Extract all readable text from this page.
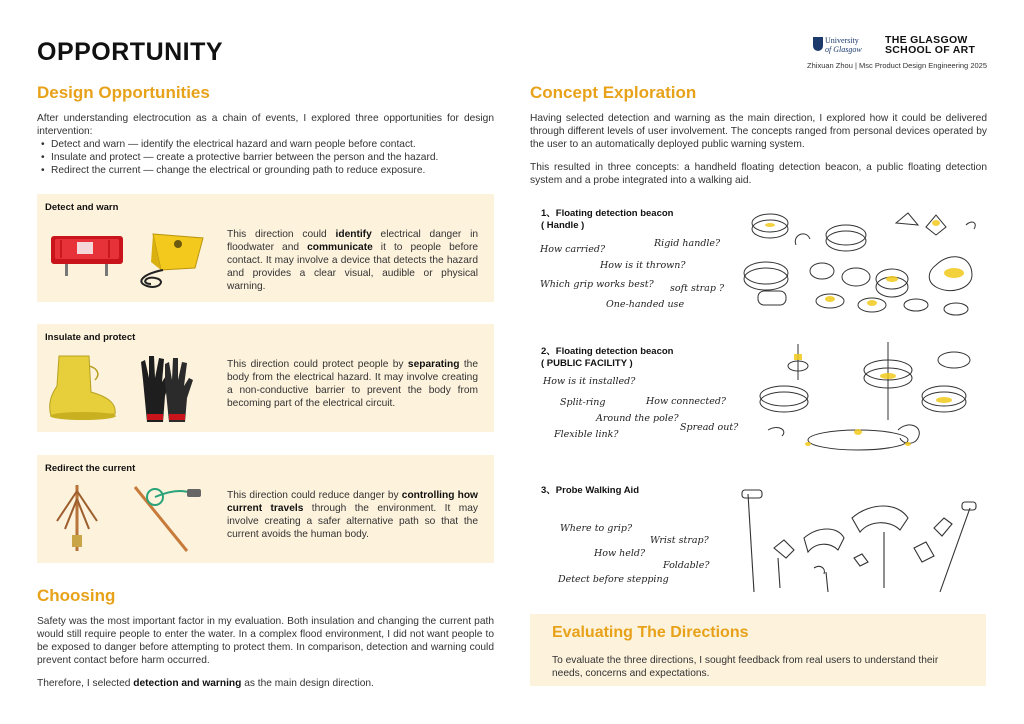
OPPORTUNITY	University
of Glasgow
THE GLASGOW
SCHOOL OF ART
Zhixuan Zhou | Msc Product Design Engineering 2025
Design Opportunities
After understanding electrocution as a chain of events, I explored three opportunities for design intervention:
• Detect and warn — identify the electrical hazard and warn people before contact.
• Insulate and protect — create a protective barrier between the person and the hazard.
• Redirect the current — change the electrical or grounding path to reduce exposure.
Detect and warn
This direction could identify electrical danger in floodwater and communicate it to people before contact. It may involve a device that detects the hazard and provides a clear visual, audible or physical warning.
Insulate and protect
This direction could protect people by separating the body from the electrical hazard. It may involve creating a non-conductive barrier to prevent the body from becoming part of the electrical circuit.
Redirect the current
This direction could reduce danger by controlling how current travels through the environment. It may involve creating a safer alternative path so that the current avoids the human body.
Choosing
Safety was the most important factor in my evaluation. Both insulation and changing the current path would still require people to enter the water. In a complex flood environment, I did not want people to be exposed to danger before attempting to protect them. In comparison, detection and warning could prevent contact before harm occurred.
Therefore, I selected detection and warning as the main design direction.
Concept Exploration
Having selected detection and warning as the main direction, I explored how it could be delivered through different levels of user involvement. The concepts ranged from personal devices operated by the user to an automatically deployed public warning system.
This resulted in three concepts: a handheld floating detection beacon, a public floating detection system and a probe integrated into a walking aid.
1、Floating detection beacon
( Handle )
How carried?
Rigid handle?
How is it thrown?
Which grip works best? soft strap ?
One-handed use
2、Floating detection beacon
( PUBLIC FACILITY )
How is it installed?
Split-ring	How connected?
Around the pole?
Spread out?
Flexible link?
3、Probe Walking Aid
Where to grip?
Wrist strap?
How held?
Foldable?
Detect before stepping
Evaluating The Directions
To evaluate the three directions, I sought feedback from real users to understand their needs, concerns and expectations.
